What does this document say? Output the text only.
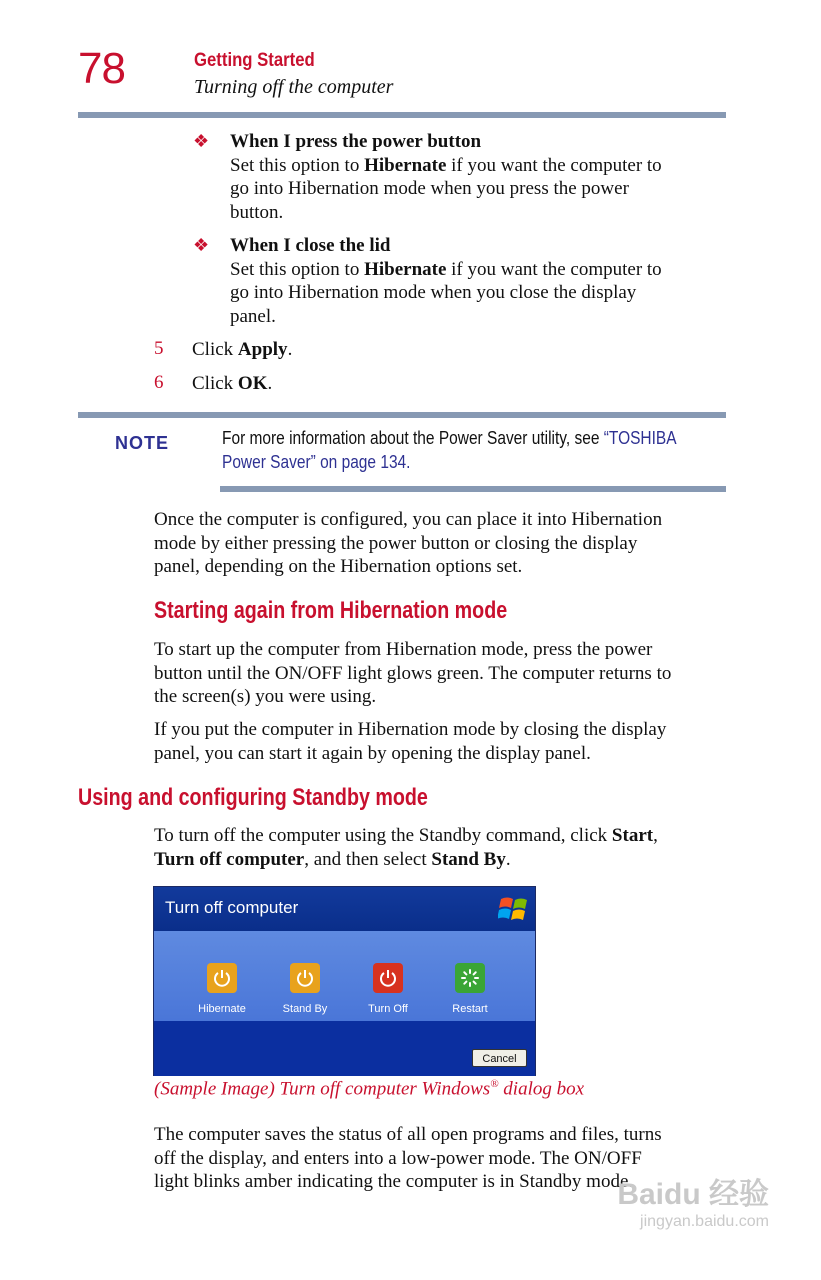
78	Getting Started
Turning off the computer
❖ When I press the power button
Set this option to Hibernate if you want the computer to
go into Hibernation mode when you press the power
button.
❖ When I close the lid
Set this option to Hibernate if you want the computer to
go into Hibernation mode when you close the display
panel.
5 Click Apply.
6 Click OK.
NOTE	For more information about the Power Saver utility, see “TOSHIBA
Power Saver” on page 134.
Once the computer is configured, you can place it into Hibernation
mode by either pressing the power button or closing the display
panel, depending on the Hibernation options set.
Starting again from Hibernation mode
To start up the computer from Hibernation mode, press the power
button until the ON/OFF light glows green. The computer returns to
the screen(s) you were using.
If you put the computer in Hibernation mode by closing the display
panel, you can start it again by opening the display panel.
Using and configuring Standby mode
To turn off the computer using the Standby command, click Start,
Turn off computer, and then select Stand By.
Turn off computer
Hibernate	Stand By	Turn Off	Restart
Cancel
(Sample Image) Turn off computer Windows® dialog box
The computer saves the status of all open programs and files, turns
off the display, and enters into a low-power mode. The ON/OFF
light blinks amber indicating the computer is in Standby mode.
Baidu 经验
jingyan.baidu.com
